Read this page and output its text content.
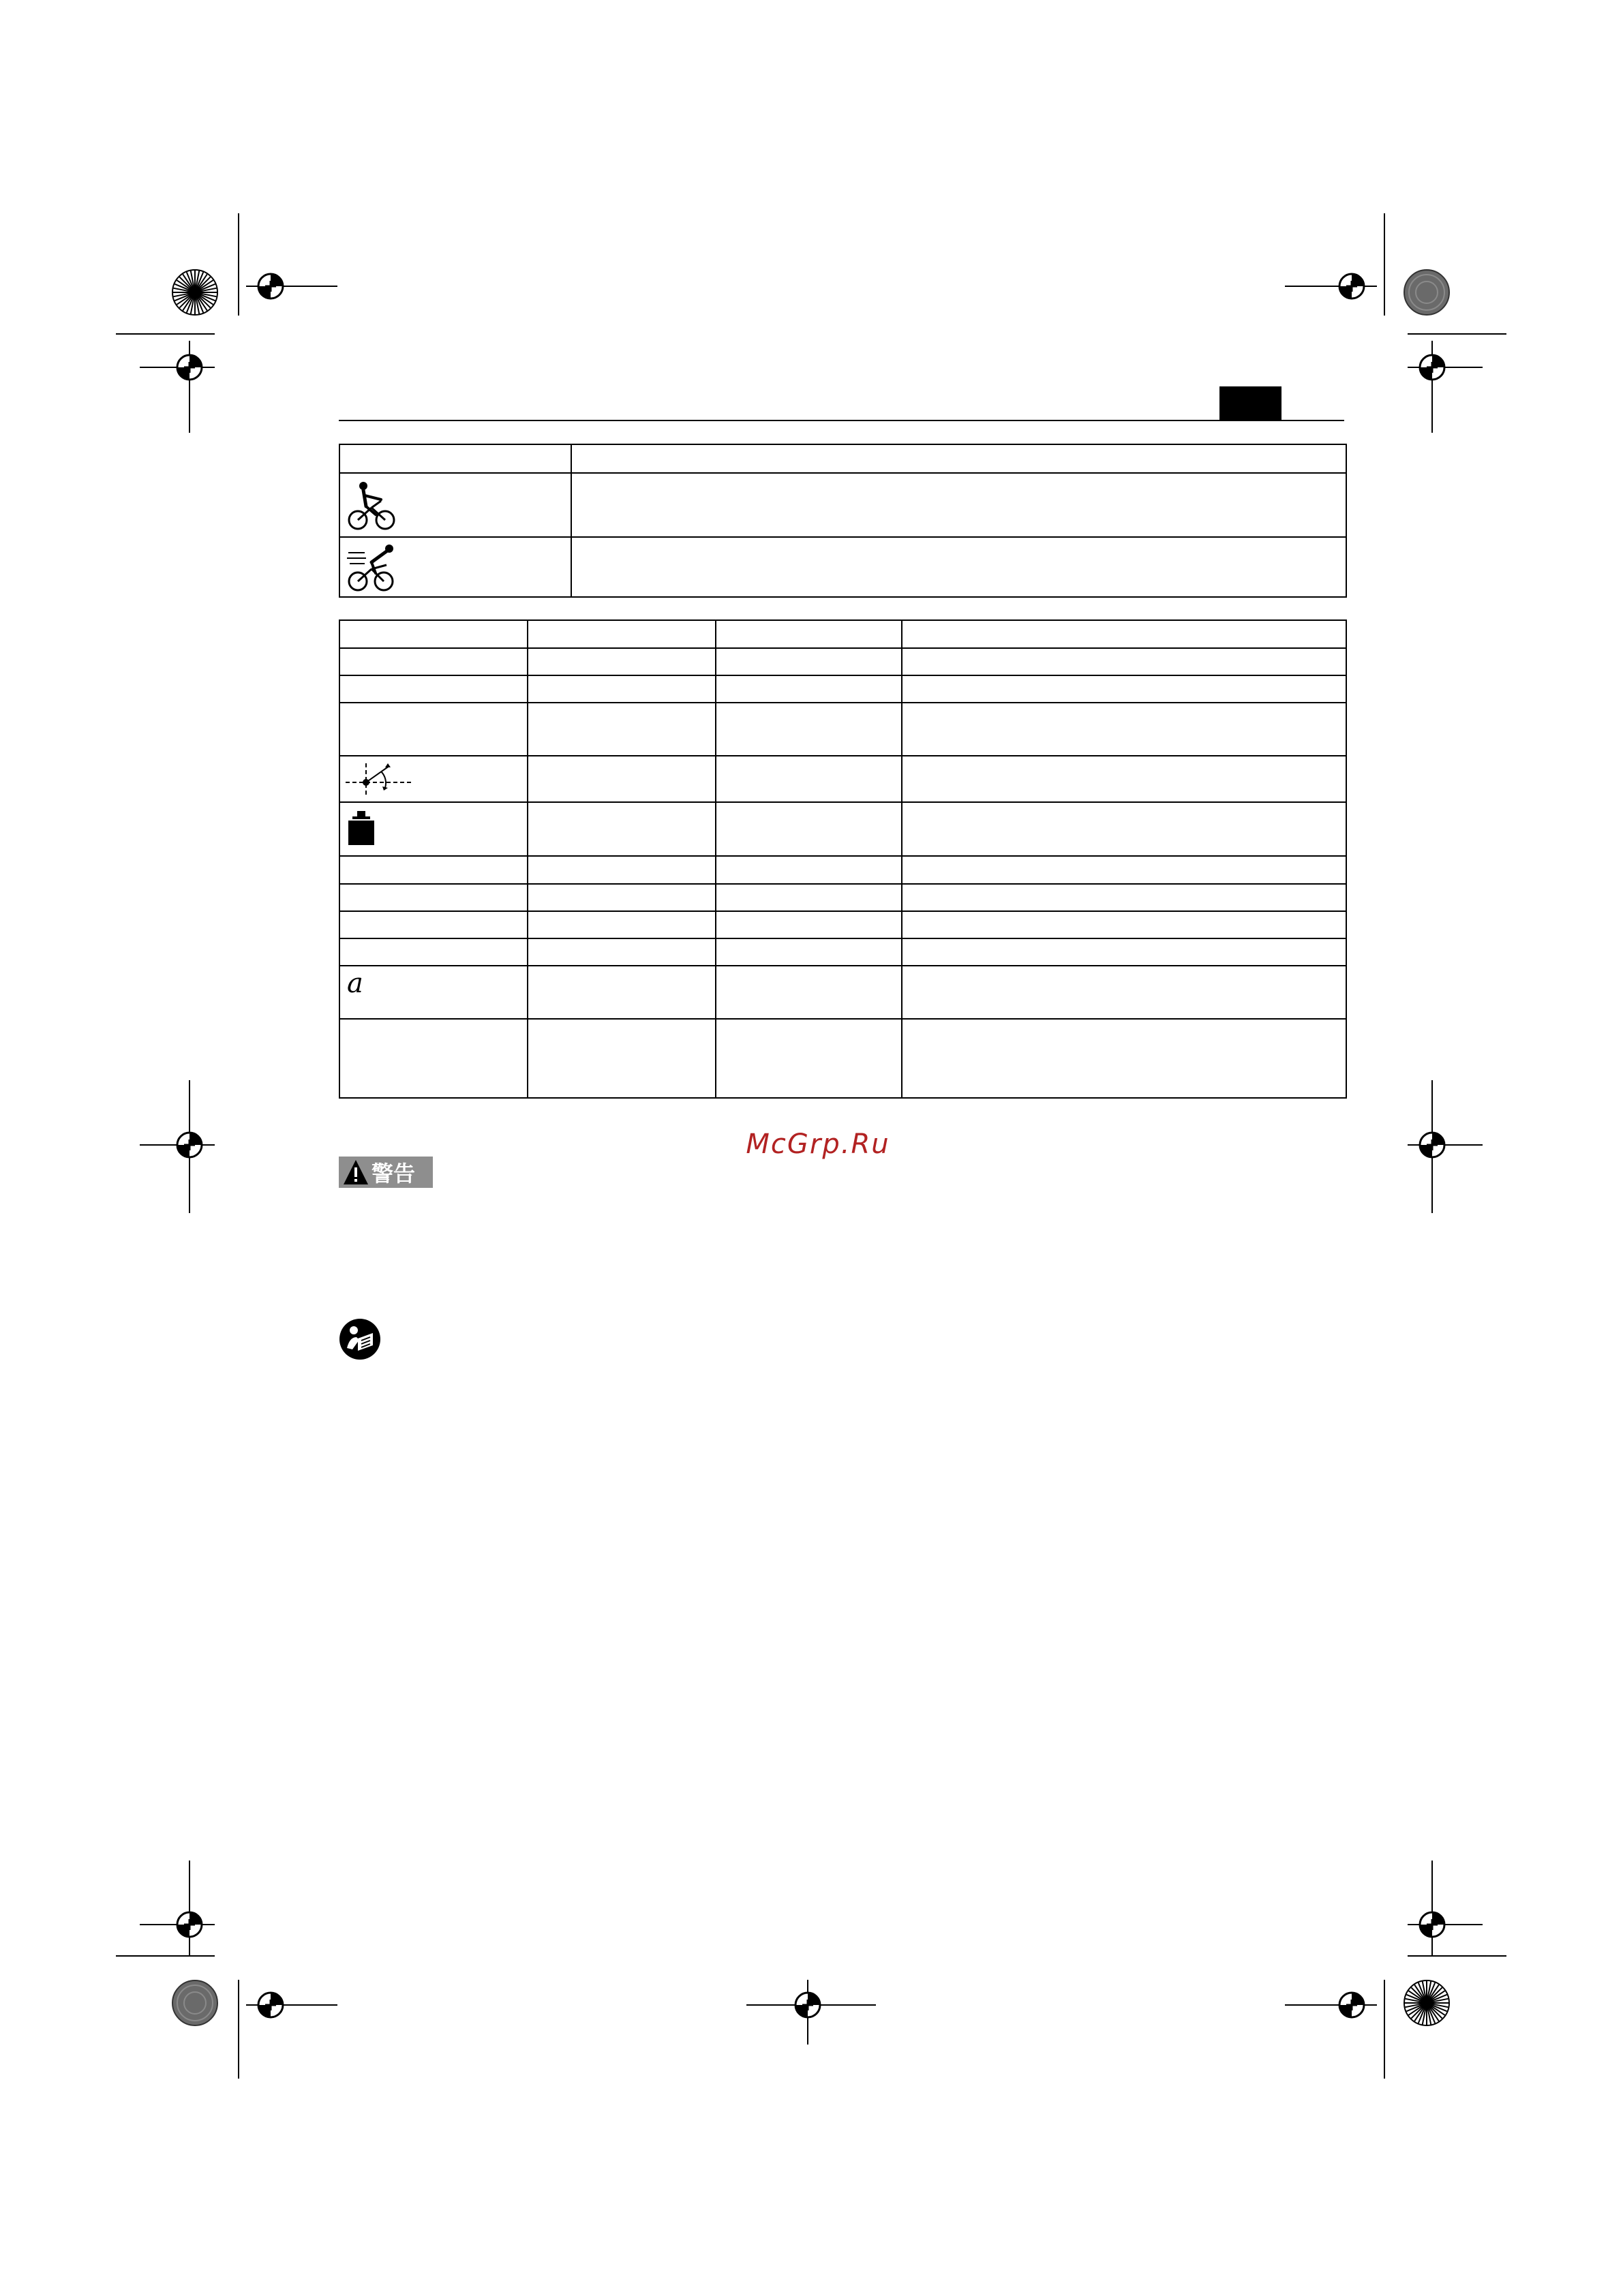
a			

McGrp.Ru
警告
